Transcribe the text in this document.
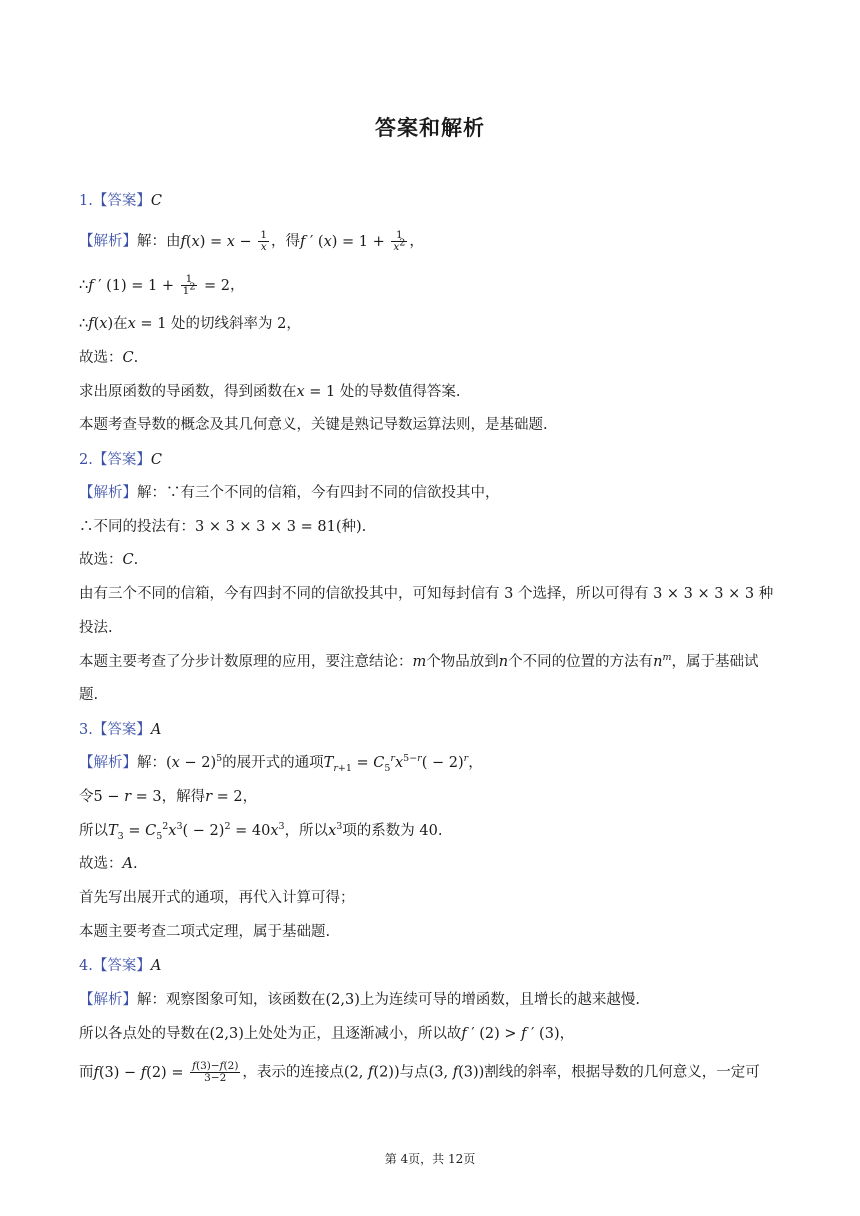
答案和解析
1.【答案】C
【解析】解：由$f(x) = x - \frac{1}{x}$ ，得f ′ $(x) = 1 + \frac{1}{x^2}$ ，
∴f ′ $(1) = 1 + \frac{1}{1^2} = 2$，
∴f(x)在x = 1 处的切线斜率为 2，
故选：C.
求出原函数的导函数，得到函数在x = 1 处的导数值得答案.
本题考查导数的概念及其几何意义，关键是熟记导数运算法则，是基础题.
2.【答案】C
【解析】解：∵有三个不同的信箱，今有四封不同的信欲投其中，
∴不同的投法有：3 × 3 × 3 × 3 = 81(种).
故选：C.
由有三个不同的信箱，今有四封不同的信欲投其中，可知每封信有 3 个选择，所以可得有 3 × 3 × 3 × 3 种
投法.
本题主要考查了分步计数原理的应用，要注意结论：m个物品放到n个不同的位置的方法有$n^m$，属于基础试
题.
3.【答案】A
【解析】解：$(x - 2)^5$的展开式的通项$T_{r+1} = C_5^rx^{5-r}( - 2)^r$，
令5 − r = 3，解得r = 2，
所以$T_3 = C_5^2x^3( - 2)^2 = 40x^3$，所以$x^3$项的系数为 40.
故选：A.
首先写出展开式的通项，再代入计算可得；
本题主要考查二项式定理，属于基础题.
4.【答案】A
【解析】解：观察图象可知，该函数在(2,3)上为连续可导的增函数，且增长的越来越慢.
所以各点处的导数在(2,3)上处处为正，且逐渐减小，所以故f ′ (2) > f ′ (3)，
而$f(3) - f(2) = \frac{f(3)-f(2)}{3-2}$ ，表示的连接点(2, f(2))与点(3, f(3))割线的斜率，根据导数的几何意义，一定可
第 4页，共 12页
